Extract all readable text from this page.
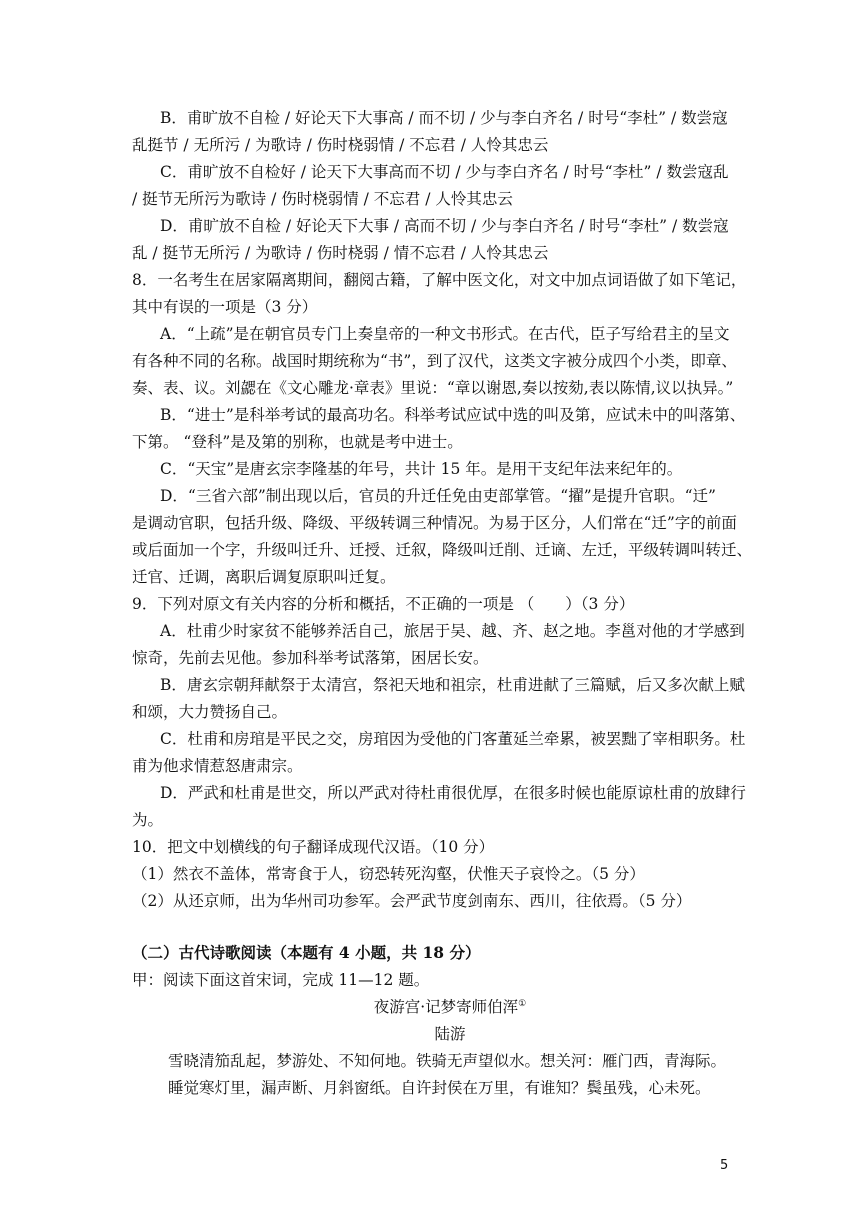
B．甫旷放不自检 / 好论天下大事高 / 而不切 / 少与李白齐名 / 时号“李杜” / 数尝寇

乱挺节 / 无所污 / 为歌诗 / 伤时桡弱情 / 不忘君 / 人怜其忠云

C．甫旷放不自检好 / 论天下大事高而不切 / 少与李白齐名 / 时号“李杜” / 数尝寇乱

/ 挺节无所污为歌诗 / 伤时桡弱情 / 不忘君 / 人怜其忠云

D．甫旷放不自检 / 好论天下大事 / 高而不切 / 少与李白齐名 / 时号“李杜” / 数尝寇

乱 / 挺节无所污 / 为歌诗 / 伤时桡弱 / 情不忘君 / 人怜其忠云

8．一名考生在居家隔离期间，翻阅古籍，了解中医文化，对文中加点词语做了如下笔记，

其中有误的一项是（3 分）

A．“上疏”是在朝官员专门上奏皇帝的一种文书形式。在古代，臣子写给君主的呈文

有各种不同的名称。战国时期统称为“书”，到了汉代，这类文字被分成四个小类，即章、

奏、表、议。刘勰在《文心雕龙·章表》里说：“章以谢恩,奏以按劾,表以陈情,议以执异。”

B．“进士”是科举考试的最高功名。科举考试应试中选的叫及第，应试未中的叫落第、

下第。 “登科”是及第的别称，也就是考中进士。

C．“天宝”是唐玄宗李隆基的年号，共计 15 年。是用干支纪年法来纪年的。

D．“三省六部”制出现以后，官员的升迁任免由吏部掌管。“擢”是提升官职。“迁”

是调动官职，包括升级、降级、平级转调三种情况。为易于区分，人们常在“迁”字的前面

或后面加一个字，升级叫迁升、迁授、迁叙，降级叫迁削、迁谪、左迁，平级转调叫转迁、

迁官、迁调，离职后调复原职叫迁复。

9．下列对原文有关内容的分析和概括，不正确的一项是 （　　）（3 分）

A．杜甫少时家贫不能够养活自己，旅居于吴、越、齐、赵之地。李邕对他的才学感到

惊奇，先前去见他。参加科举考试落第，困居长安。

B．唐玄宗朝拜献祭于太清宫，祭祀天地和祖宗，杜甫进献了三篇赋，后又多次献上赋

和颂，大力赞扬自己。

C．杜甫和房琯是平民之交，房琯因为受他的门客董延兰牵累，被罢黜了宰相职务。杜

甫为他求情惹怒唐肃宗。

D．严武和杜甫是世交，所以严武对待杜甫很优厚，在很多时候也能原谅杜甫的放肆行

为。

10．把文中划横线的句子翻译成现代汉语。（10 分）

（1）然衣不盖体，常寄食于人，窃恐转死沟壑，伏惟天子哀怜之。（5 分）

（2）从还京师，出为华州司功参军。会严武节度剑南东、西川，往依焉。（5 分）

（二）古代诗歌阅读（本题有 4 小题，共 18 分）

甲：阅读下面这首宋词，完成 11—12 题。

夜游宫·记梦寄师伯浑①

陆游

雪晓清笳乱起，梦游处、不知何地。铁骑无声望似水。想关河：雁门西，青海际。

睡觉寒灯里，漏声断、月斜窗纸。自许封侯在万里，有谁知？鬓虽残，心未死。

5
